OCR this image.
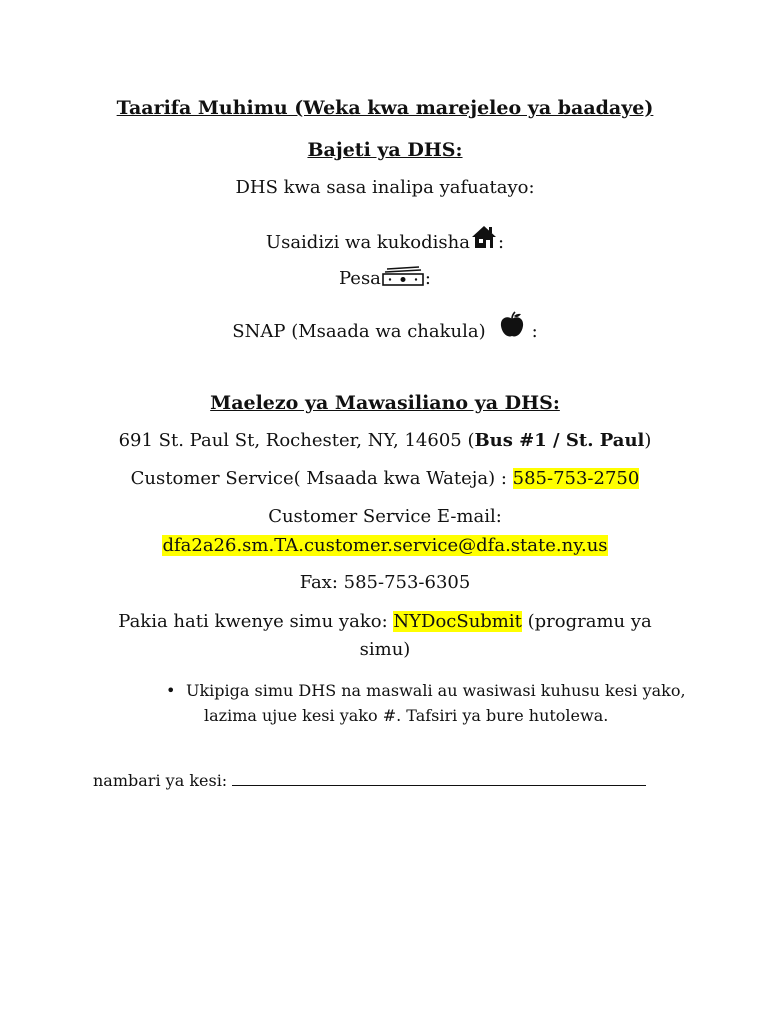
Taarifa Muhimu (Weka kwa marejeleo ya baadaye)
Bajeti ya DHS:
DHS kwa sasa inalipa yafuatayo:
Usaidizi wa kukodisha :
Pesa :
SNAP (Msaada wa chakula)	:
Maelezo ya Mawasiliano ya DHS:
691 St. Paul St, Rochester, NY, 14605 (Bus #1 / St. Paul)
Customer Service( Msaada kwa Wateja) : 585-753-2750
Customer Service E-mail:
dfa2a26.sm.TA.customer.service@dfa.state.ny.us
Fax: 585-753-6305
Pakia hati kwenye simu yako: NYDocSubmit (programu ya
simu)
• Ukipiga simu DHS na maswali au wasiwasi kuhusu kesi yako,
lazima ujue kesi yako #. Tafsiri ya bure hutolewa.
nambari ya kesi:
